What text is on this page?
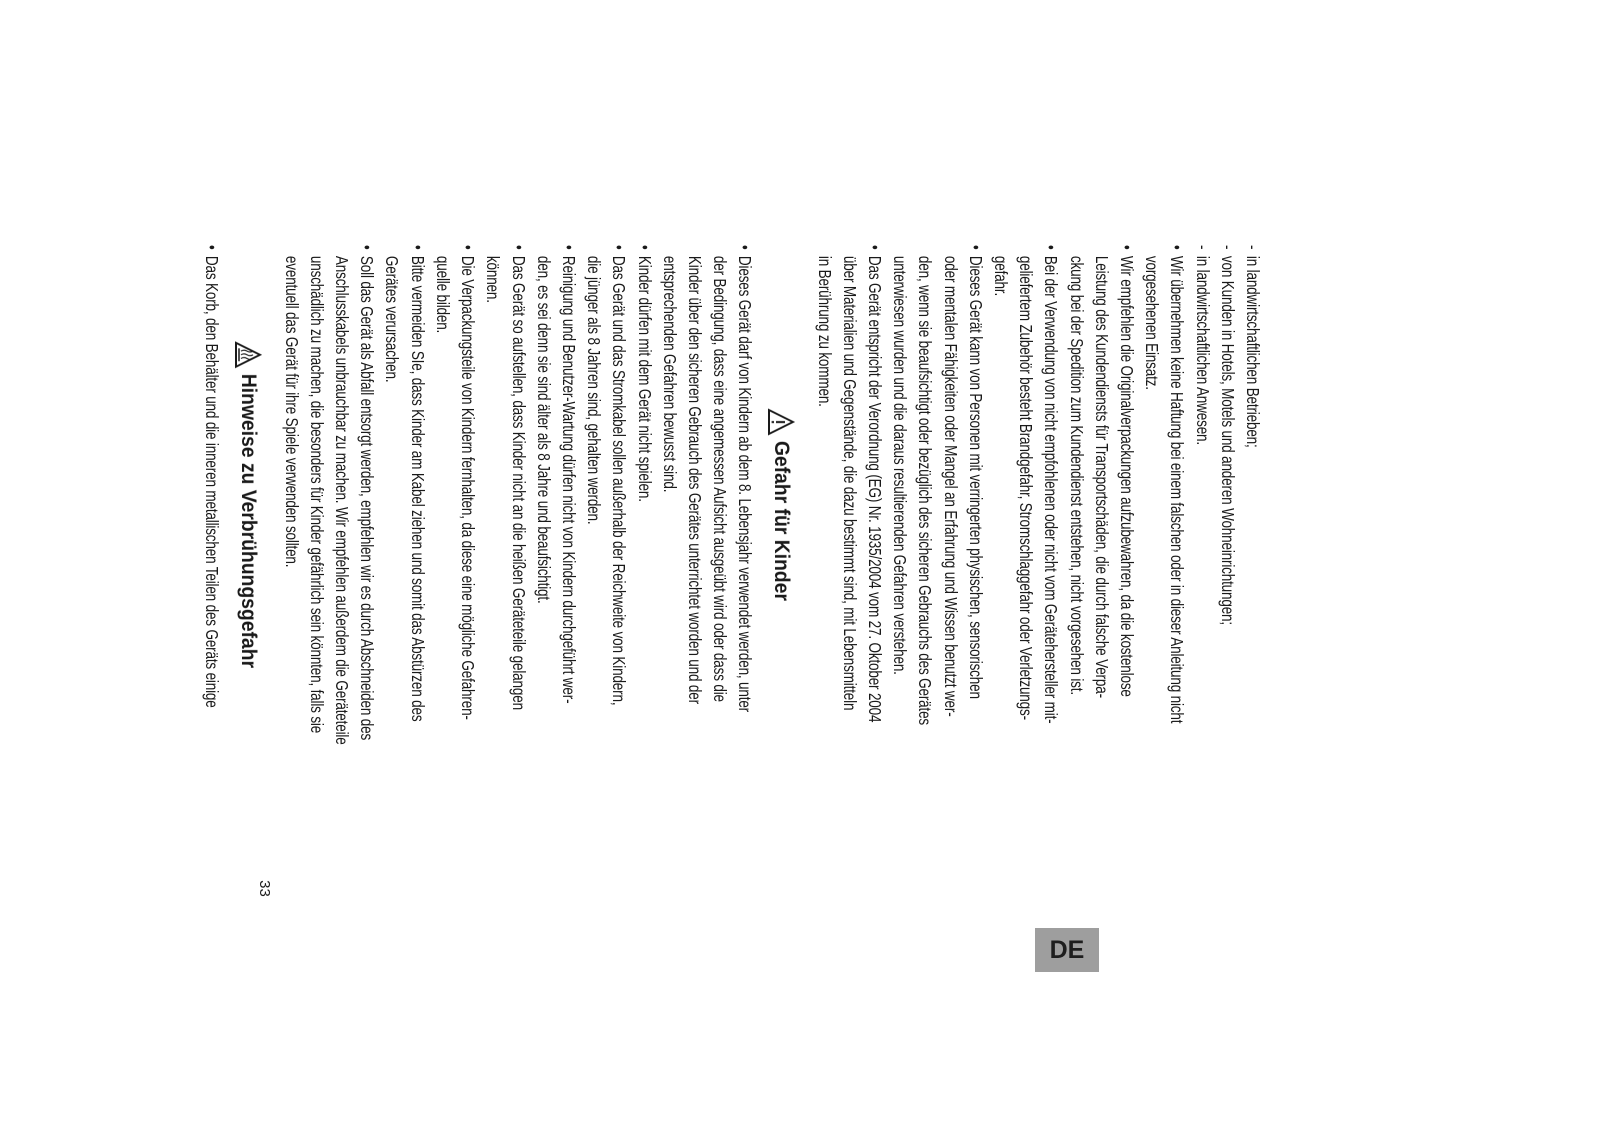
-in landwirtschaftlichen Betrieben;
-von Kunden in Hotels, Motels und anderen Wohneinrichtungen;
-in landwirtschaftlichen Anwesen.
•Wir übernehmen keine Haftung bei einem falschen oder in dieser Anleitung nicht
vorgesehenen Einsatz.
•Wir empfehlen die Originalverpackungen aufzubewahren, da die kostenlose
Leistung des Kundendiensts für Transportschäden, die durch falsche Verpa-
ckung bei der Spedition zum Kundendienst entstehen, nicht vorgesehen ist.
•Bei der Verwendung von nicht empfohlenen oder nicht vom Gerätehersteller mit-
geliefertem Zubehör besteht Brandgefahr, Stromschlaggefahr oder Verletzungs-
gefahr.
•Dieses Gerät kann von Personen mit verringerten physischen, sensorischen
oder mentalen Fähigkeiten oder Mangel an Erfahrung und Wissen benutzt wer-
den, wenn sie beaufsichtigt oder bezüglich des sicheren Gebrauchs des Gerätes
unterwiesen wurden und die daraus resultierenden Gefahren verstehen.
•Das Gerät entspricht der Verordnung (EG) Nr. 1935/2004 vom 27. Oktober 2004
über Materialien und Gegenstände, die dazu bestimmt sind, mit Lebensmitteln
in Berührung zu kommen.
Gefahr für Kinder
•Dieses Gerät darf von Kindern ab dem 8. Lebensjahr verwendet werden, unter
der Bedingung, dass eine angemessen Aufsicht ausgeübt wird oder dass die
Kinder über den sicheren Gebrauch des Gerätes unterrichtet worden und der
entsprechenden Gefahren bewusst sind.
•Kinder dürfen mit dem Gerät nicht spielen.
•Das Gerät und das Stromkabel sollen außerhalb der Reichweite von Kindern,
die jünger als 8 Jahren sind, gehalten werden.
•Reinigung und Benutzer-Wartung dürfen nicht von Kindern durchgeführt wer-
den, es sei denn sie sind älter als 8 Jahre und beaufsichtigt.
•Das Gerät so aufstellen, dass Kinder nicht an die heißen Geräteteile gelangen
können.
•Die Verpackungsteile von Kindern fernhalten, da diese eine mögliche Gefahren-
quelle bilden.
•Bitte vermeiden SIe, dass Kinder am Kabel ziehen und somit das Abstürzen des
Gerätes verursachen.
•Soll das Gerät als Abfall entsorgt werden, empfehlen wir es durch Abschneiden des
Anschlusskabels unbrauchbar zu machen. Wir empfehlen außerdem die Geräteteile
unschädlich zu machen, die besonders für Kinder gefährlich sein könnten, falls sie
eventuell das Gerät für ihre Spiele verwenden sollten.
Hinweise zu Verbrühungsgefahr
•Das Korb, den Behälter und die inneren metallischen Teilen des Geräts einige
33
DE
